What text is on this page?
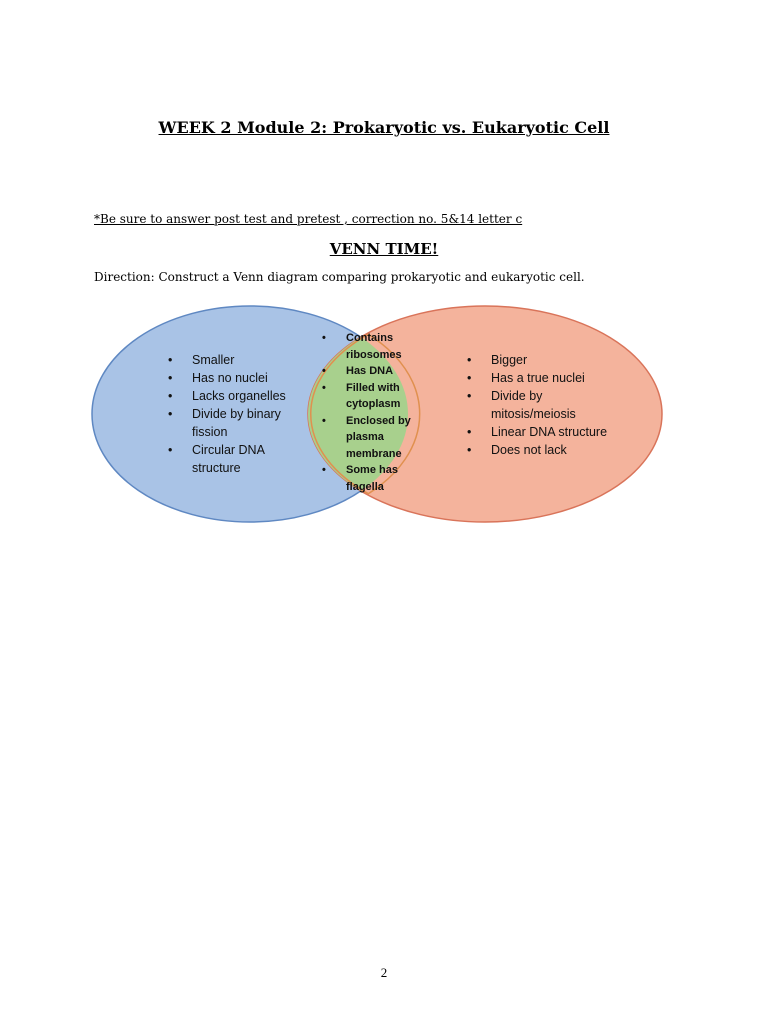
WEEK 2 Module 2: Prokaryotic vs. Eukaryotic Cell
*Be sure to answer post test and pretest , correction no. 5&14 letter c
VENN TIME!
Direction: Construct a Venn diagram comparing prokaryotic and eukaryotic cell.
• Smaller
• Has no nuclei
• Lacks organelles
• Divide by binary fission
• Circular DNA structure
• Contains ribosomes
• Has DNA
• Filled with cytoplasm
• Enclosed by plasma membrane
• Some has flagella
• Bigger
• Has a true nuclei
• Divide by mitosis/meiosis
• Linear DNA structure
• Does not lack
2
